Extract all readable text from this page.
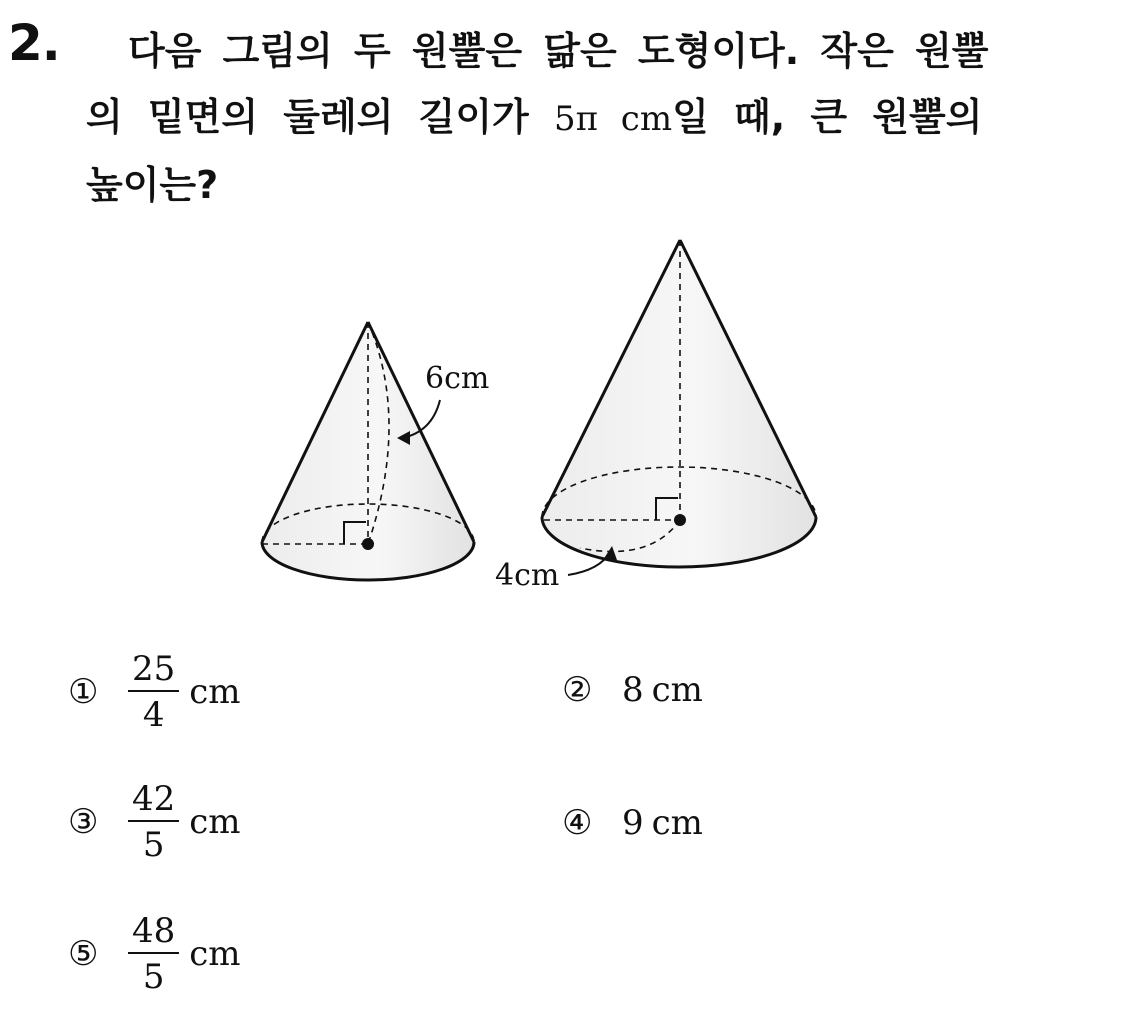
2.	다음 그림의 두 원뿔은 닮은 도형이다. 작은 원뿔
의 밑면의 둘레의 길이가 5π cm일 때, 큰 원뿔의
높이는?
6cm
4cm
① $\frac{25}{4}$ cm	② 8 cm
③ $\frac{42}{5}$ cm	④ 9 cm
⑤ $\frac{48}{5}$ cm
